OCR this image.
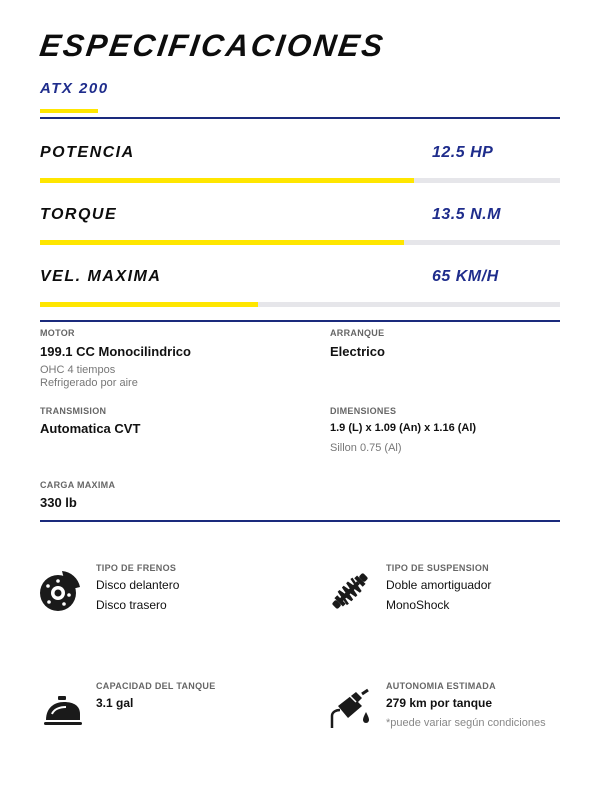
ESPECIFICACIONES
ATX 200
POTENCIA	12.5 HP
TORQUE	13.5 N.M
VEL. MAXIMA	65 KM/H
MOTOR
199.1 CC Monocilindrico
OHC 4 tiempos
Refrigerado por aire
ARRANQUE
Electrico
TRANSMISION
Automatica CVT
DIMENSIONES
1.9 (L) x 1.09 (An) x 1.16 (Al)
Sillon 0.75 (Al)
CARGA MAXIMA
330 lb
TIPO DE FRENOS
Disco delantero
Disco trasero
TIPO DE SUSPENSION
Doble amortiguador
MonoShock
CAPACIDAD DEL TANQUE
3.1 gal
AUTONOMIA ESTIMADA
279 km por tanque
*puede variar según condiciones
